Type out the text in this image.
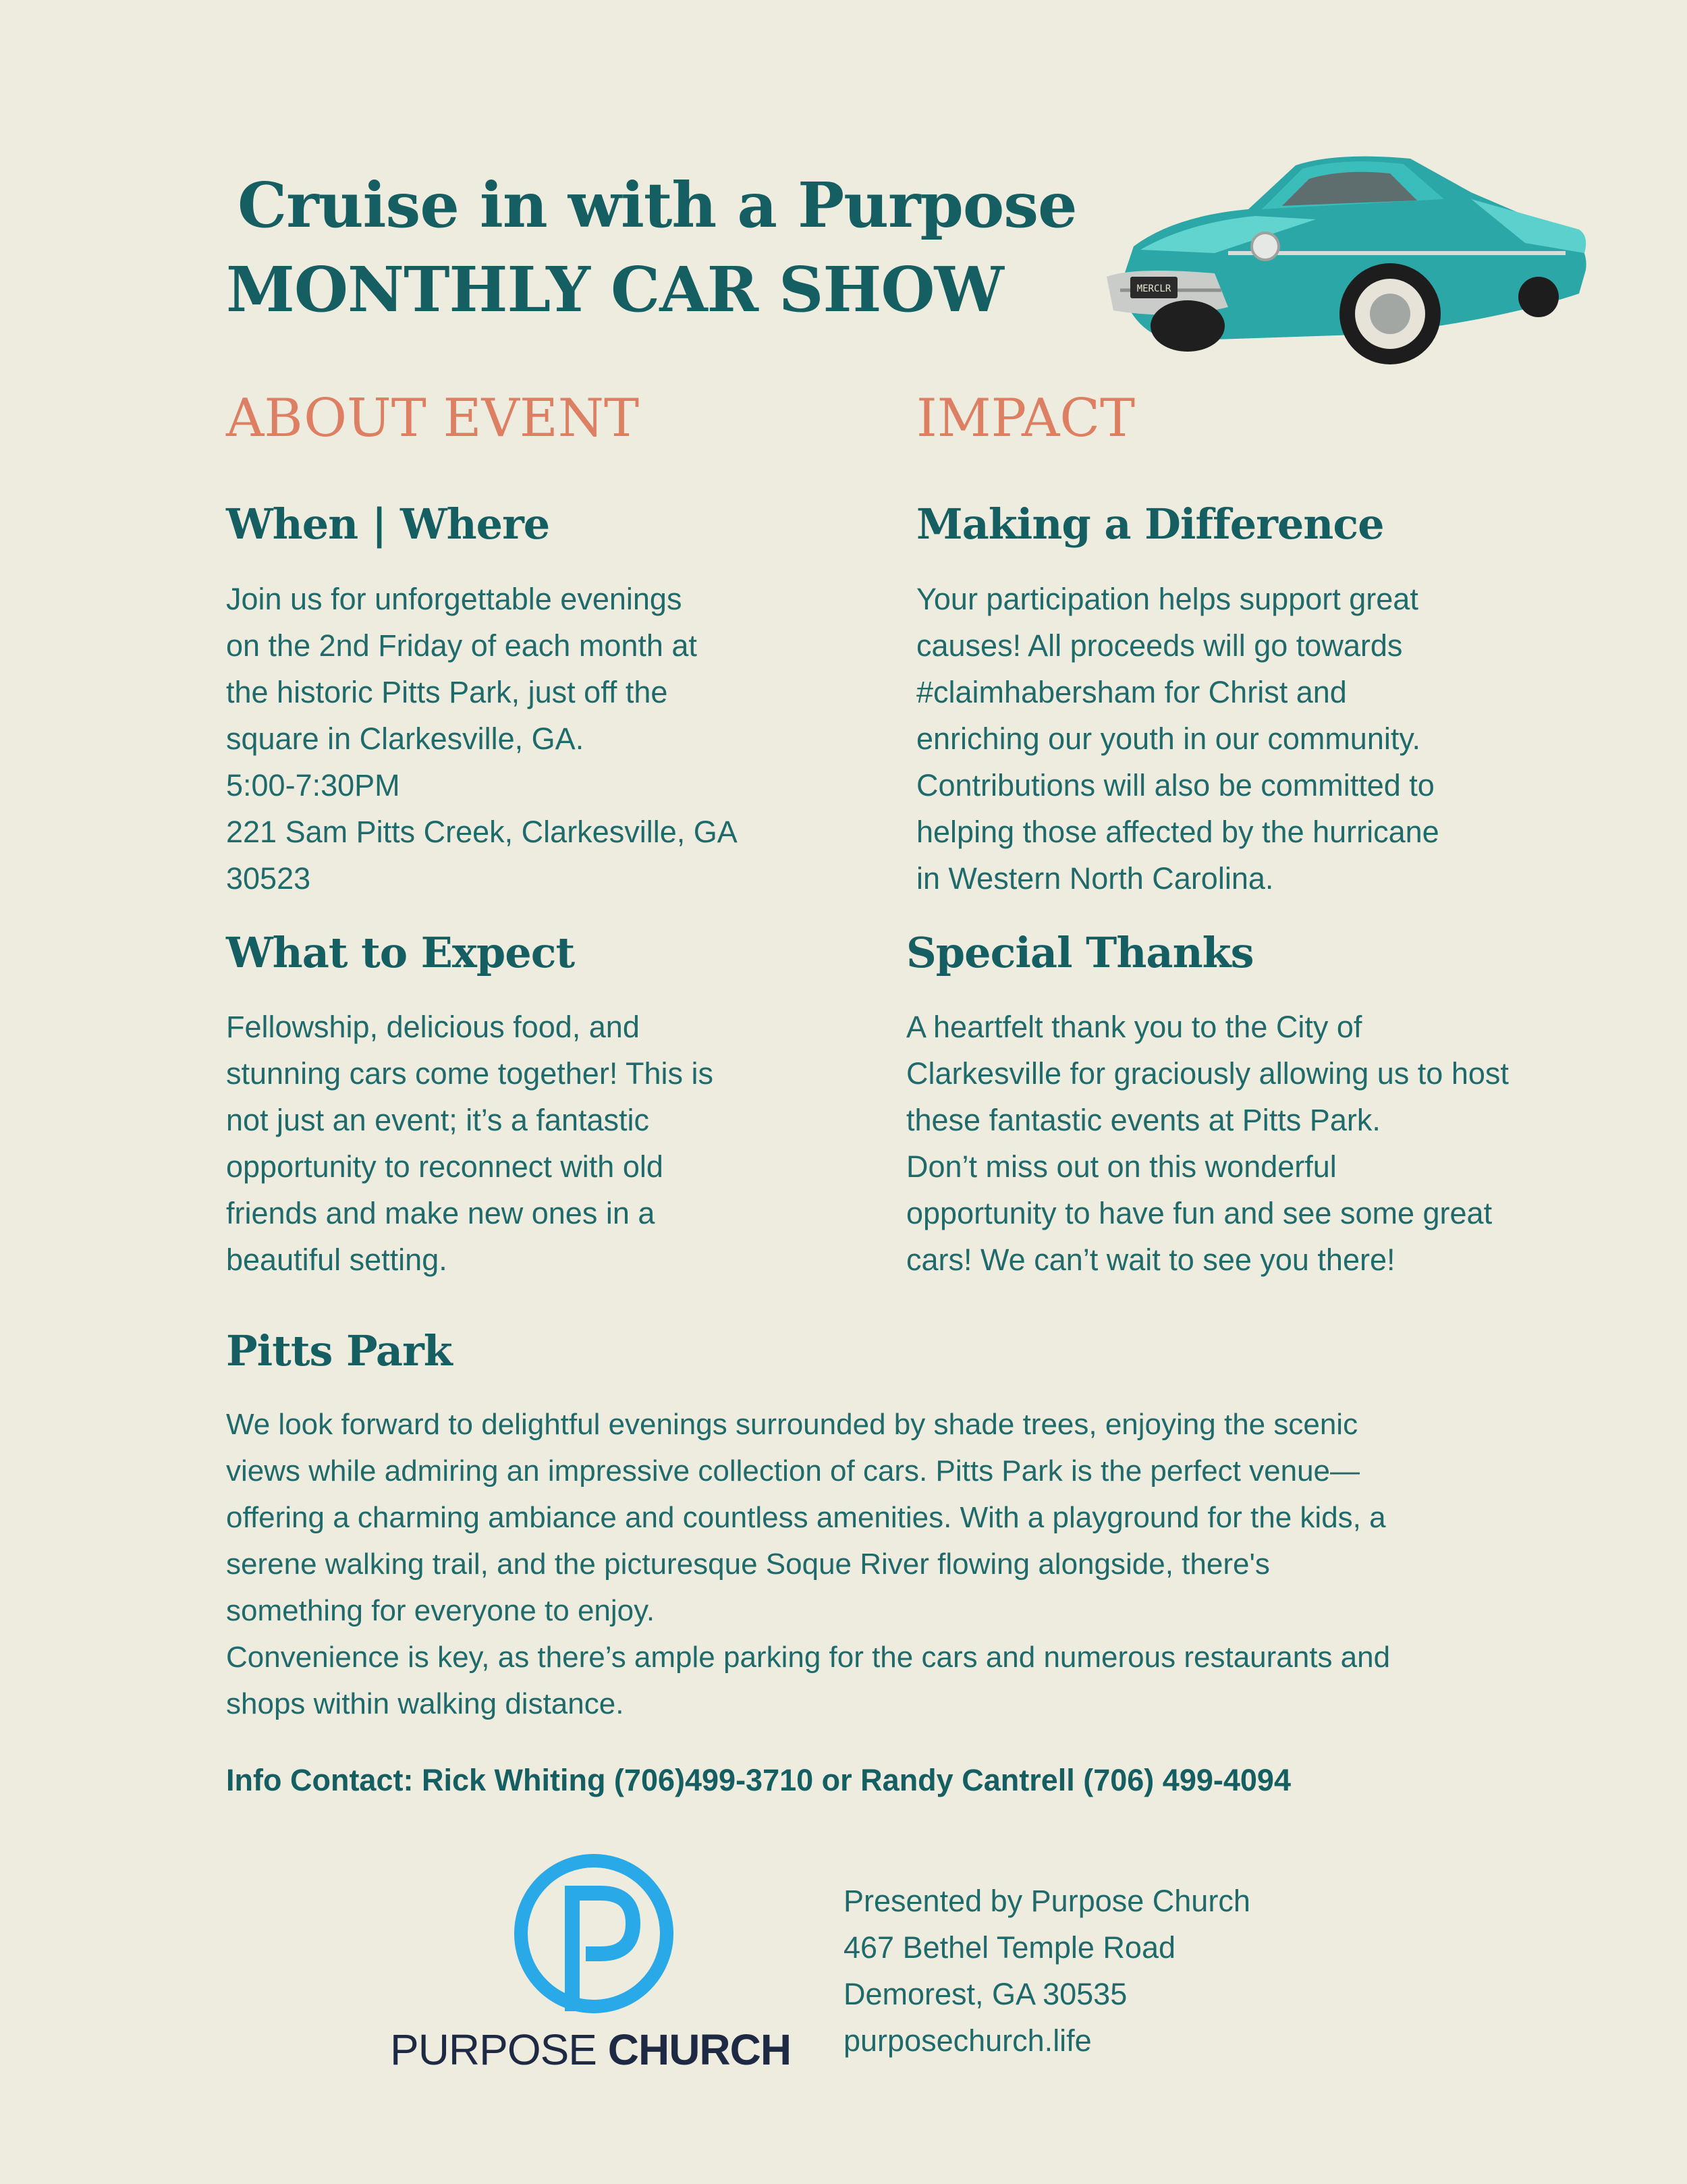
Cruise in with a Purpose
MONTHLY CAR SHOW	MERCLR
ABOUT EVENT	IMPACT
When | Where
Join us for unforgettable evenings
on the 2nd Friday of each month at
the historic Pitts Park, just off the
square in Clarkesville, GA.
5:00-7:30PM
221 Sam Pitts Creek, Clarkesville, GA
30523
Making a Difference
Your participation helps support great
causes! All proceeds will go towards
#claimhabersham for Christ and
enriching our youth in our community.
Contributions will also be committed to
helping those affected by the hurricane
in Western North Carolina.
What to Expect
Fellowship, delicious food, and
stunning cars come together! This is
not just an event; it’s a fantastic
opportunity to reconnect with old
friends and make new ones in a
beautiful setting.
Special Thanks
A heartfelt thank you to the City of
Clarkesville for graciously allowing us to host
these fantastic events at Pitts Park.
Don’t miss out on this wonderful
opportunity to have fun and see some great
cars! We can’t wait to see you there!
Pitts Park
We look forward to delightful evenings surrounded by shade trees, enjoying the scenic
views while admiring an impressive collection of cars. Pitts Park is the perfect venue—
offering a charming ambiance and countless amenities. With a playground for the kids, a
serene walking trail, and the picturesque Soque River flowing alongside, there's
something for everyone to enjoy.
Convenience is key, as there’s ample parking for the cars and numerous restaurants and
shops within walking distance.
Info Contact: Rick Whiting (706)499-3710 or Randy Cantrell (706) 499-4094
PURPOSE CHURCH
Presented by Purpose Church
467 Bethel Temple Road
Demorest, GA 30535
purposechurch.life
